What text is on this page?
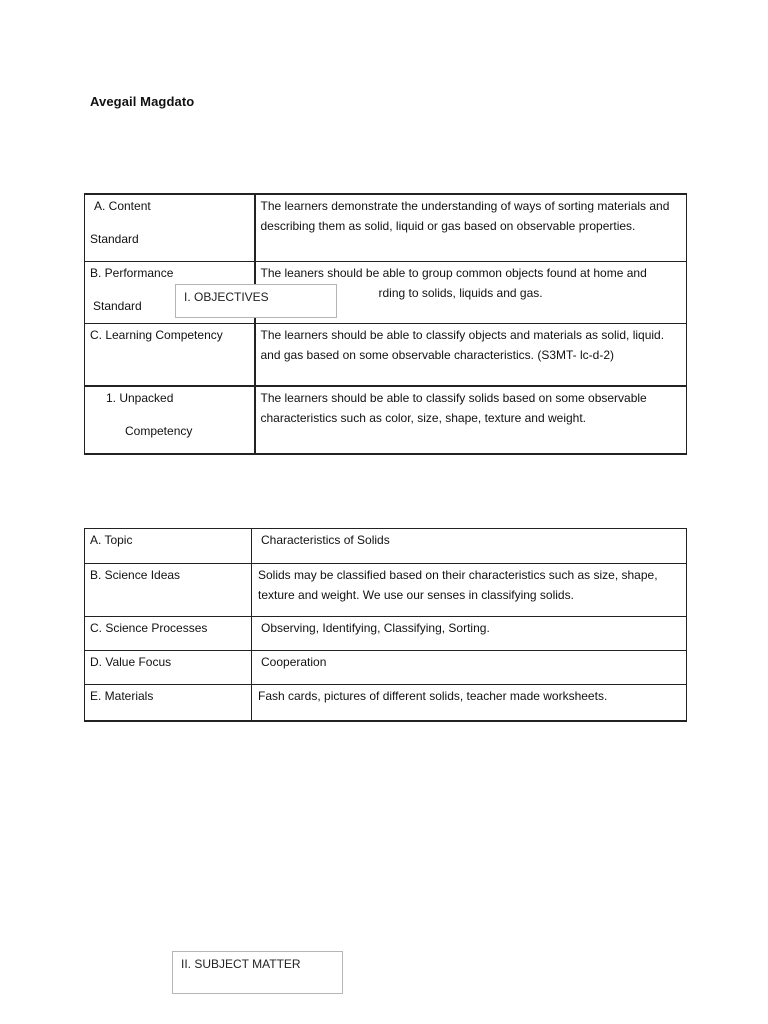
Avegail Magdato
A. Content
Standard	The learners demonstrate the understanding of ways of sorting materials and describing them as solid, liquid or gas based on observable properties.
B. Performance
Standard	The leaners should be able to group common objects found at home and
rding to solids, liquids and gas.
C. Learning Competency	The learners should be able to classify objects and materials as solid, liquid. and gas based on some observable characteristics. (S3MT- lc-d-2)
1. Unpacked
Competency	The learners should be able to classify solids based on some observable characteristics such as color, size, shape, texture and weight.
I. OBJECTIVES
A. Topic	Characteristics of Solids
B. Science Ideas	Solids may be classified based on their characteristics such as size, shape, texture and weight. We use our senses in classifying solids.
C. Science Processes	Observing, Identifying, Classifying, Sorting.
D. Value Focus	Cooperation
E. Materials	Fash cards, pictures of different solids, teacher made worksheets.
II. SUBJECT MATTER
